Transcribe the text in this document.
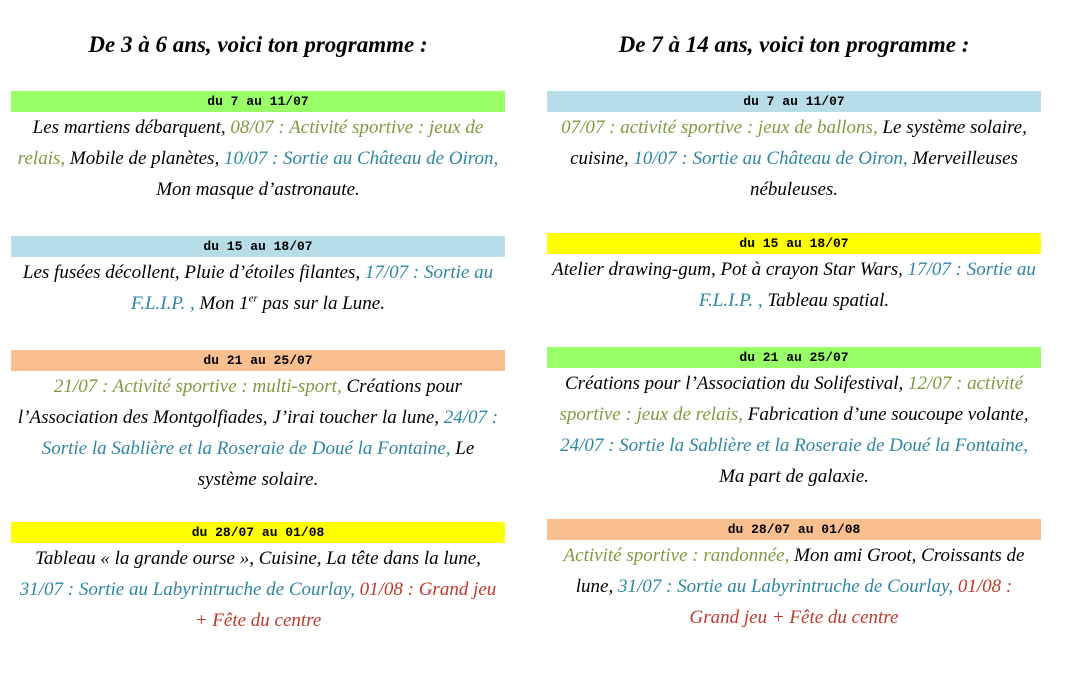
De 3 à 6 ans, voici ton programme :
du 7 au 11/07
Les martiens débarquent, 08/07 : Activité sportive : jeux de relais, Mobile de planètes, 10/07 : Sortie au Château de Oiron, Mon masque d’astronaute.
du 15 au 18/07
Les fusées décollent, Pluie d’étoiles filantes, 17/07 : Sortie au F.L.I.P. , Mon 1er pas sur la Lune.
du 21 au 25/07
21/07 : Activité sportive : multi-sport, Créations pour l’Association des Montgolfiades, J’irai toucher la lune, 24/07 : Sortie la Sablière et la Roseraie de Doué la Fontaine, Le système solaire.
du 28/07 au 01/08
Tableau « la grande ourse », Cuisine, La tête dans la lune, 31/07 : Sortie au Labyrintruche de Courlay, 01/08 : Grand jeu + Fête du centre
De 7 à 14 ans, voici ton programme :
du 7 au 11/07
07/07 : activité sportive : jeux de ballons, Le système solaire, cuisine, 10/07 : Sortie au Château de Oiron, Merveilleuses nébuleuses.
du 15 au 18/07
Atelier drawing-gum, Pot à crayon Star Wars, 17/07 : Sortie au F.L.I.P. , Tableau spatial.
du 21 au 25/07
Créations pour l’Association du Solifestival, 12/07 : activité sportive : jeux de relais, Fabrication d’une soucoupe volante, 24/07 : Sortie la Sablière et la Roseraie de Doué la Fontaine, Ma part de galaxie.
du 28/07 au 01/08
Activité sportive : randonnée, Mon ami Groot, Croissants de lune, 31/07 : Sortie au Labyrintruche de Courlay, 01/08 : Grand jeu + Fête du centre
